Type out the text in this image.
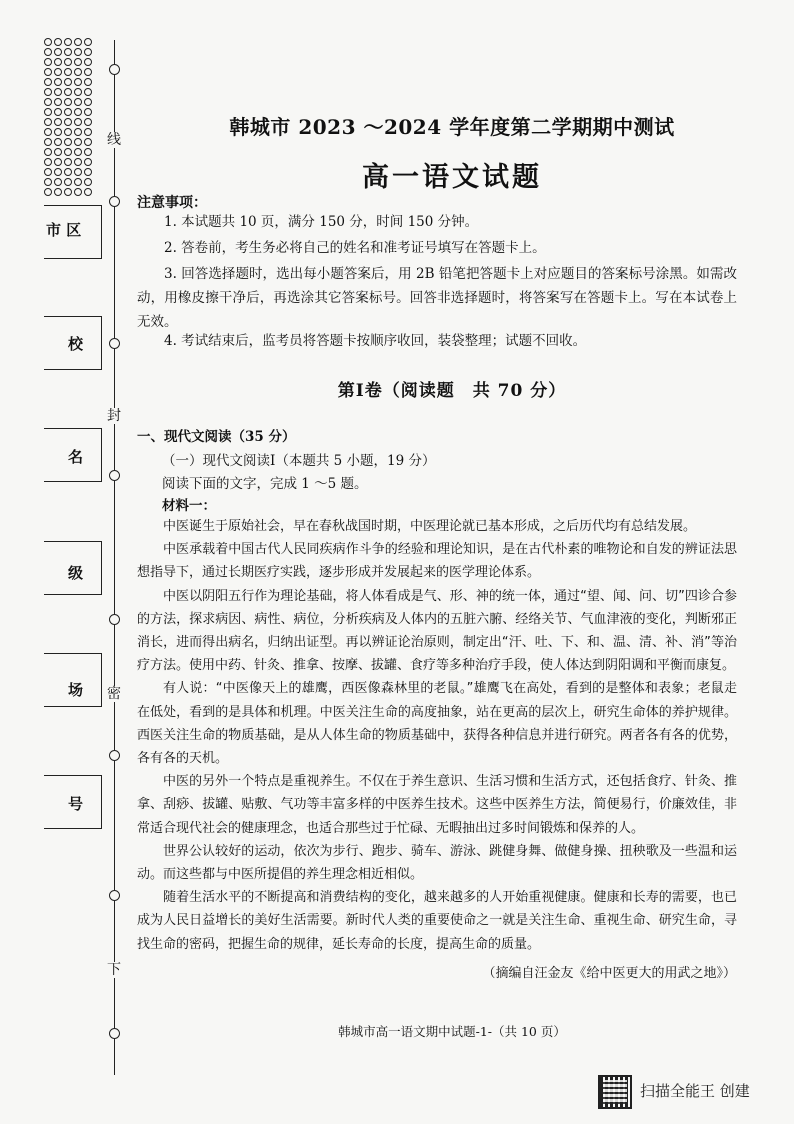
线
封
密
下
市 区
校
名
级
场
号
韩城市 2023 ～2024 学年度第二学期期中测试
高一语文试题
注意事项：
1. 本试题共 10 页，满分 150 分，时间 150 分钟。
2. 答卷前，考生务必将自己的姓名和准考证号填写在答题卡上。
3. 回答选择题时，选出每小题答案后，用 2B 铅笔把答题卡上对应题目的答案标号涂黑。如需改动，用橡皮擦干净后，再选涂其它答案标号。回答非选择题时，将答案写在答题卡上。写在本试卷上无效。
4. 考试结束后，监考员将答题卡按顺序收回，装袋整理；试题不回收。
第Ⅰ卷（阅读题　共 70 分）
一、现代文阅读（35 分）
（一）现代文阅读Ⅰ（本题共 5 小题，19 分）
阅读下面的文字，完成 1 ～5 题。
材料一：

中医诞生于原始社会，早在春秋战国时期，中医理论就已基本形成，之后历代均有总结发展。

中医承载着中国古代人民同疾病作斗争的经验和理论知识，是在古代朴素的唯物论和自发的辨证法思想指导下，通过长期医疗实践，逐步形成并发展起来的医学理论体系。

中医以阴阳五行作为理论基础，将人体看成是气、形、神的统一体，通过“望、闻、问、切”四诊合参的方法，探求病因、病性、病位，分析疾病及人体内的五脏六腑、经络关节、气血津液的变化，判断邪正消长，进而得出病名，归纳出证型。再以辨证论治原则，制定出“汗、吐、下、和、温、清、补、消”等治疗方法。使用中药、针灸、推拿、按摩、拔罐、食疗等多种治疗手段，使人体达到阴阳调和平衡而康复。

有人说：“中医像天上的雄鹰，西医像森林里的老鼠。”雄鹰飞在高处，看到的是整体和表象；老鼠走在低处，看到的是具体和机理。中医关注生命的高度抽象，站在更高的层次上，研究生命体的养护规律。西医关注生命的物质基础，是从人体生命的物质基础中，获得各种信息并进行研究。两者各有各的优势，各有各的天机。

中医的另外一个特点是重视养生。不仅在于养生意识、生活习惯和生活方式，还包括食疗、针灸、推拿、刮痧、拔罐、贴敷、气功等丰富多样的中医养生技术。这些中医养生方法，简便易行，价廉效佳，非常适合现代社会的健康理念，也适合那些过于忙碌、无暇抽出过多时间锻炼和保养的人。

世界公认较好的运动，依次为步行、跑步、骑车、游泳、跳健身舞、做健身操、扭秧歌及一些温和运动。而这些都与中医所提倡的养生理念相近相似。

随着生活水平的不断提高和消费结构的变化，越来越多的人开始重视健康。健康和长寿的需要，也已成为人民日益增长的美好生活需要。新时代人类的重要使命之一就是关注生命、重视生命、研究生命，寻找生命的密码，把握生命的规律，延长寿命的长度，提高生命的质量。

（摘编自汪金友《给中医更大的用武之地》）
韩城市高一语文期中试题-1-（共 10 页）
扫描全能王 创建
